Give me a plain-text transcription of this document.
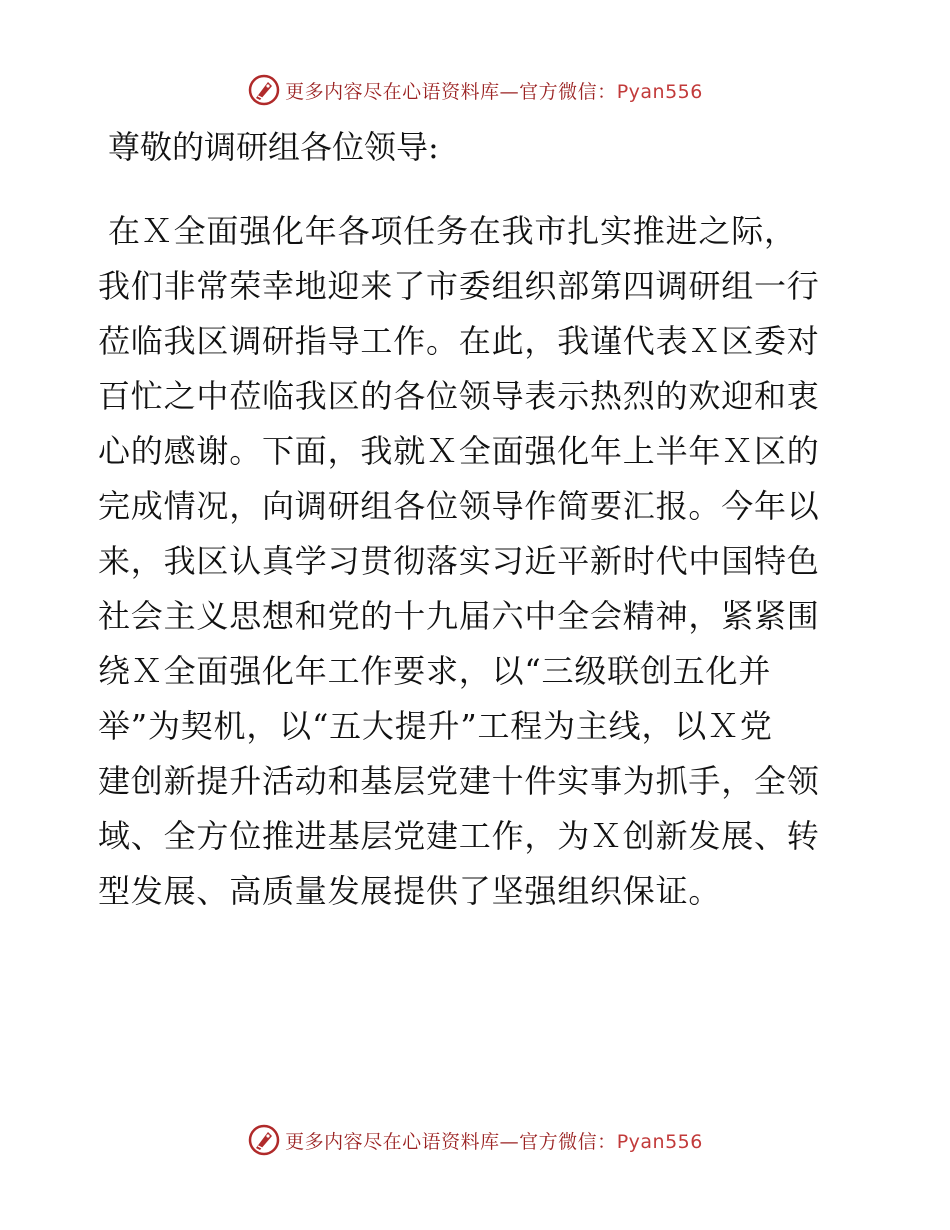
更多内容尽在心语资料库—官方微信：Pyan556
尊敬的调研组各位领导:
在Ｘ全面强化年各项任务在我市扎实推进之际，
我们非常荣幸地迎来了市委组织部第四调研组一行
莅临我区调研指导工作。在此，我谨代表Ｘ区委对
百忙之中莅临我区的各位领导表示热烈的欢迎和衷
心的感谢。下面，我就Ｘ全面强化年上半年Ｘ区的
完成情况，向调研组各位领导作简要汇报。今年以
来，我区认真学习贯彻落实习近平新时代中国特色
社会主义思想和党的十九届六中全会精神，紧紧围
绕Ｘ全面强化年工作要求，以“三级联创五化并
举”为契机，以“五大提升”工程为主线，以Ｘ党
建创新提升活动和基层党建十件实事为抓手，全领
域、全方位推进基层党建工作，为Ｘ创新发展、转
型发展、高质量发展提供了坚强组织保证。
更多内容尽在心语资料库—官方微信：Pyan556
